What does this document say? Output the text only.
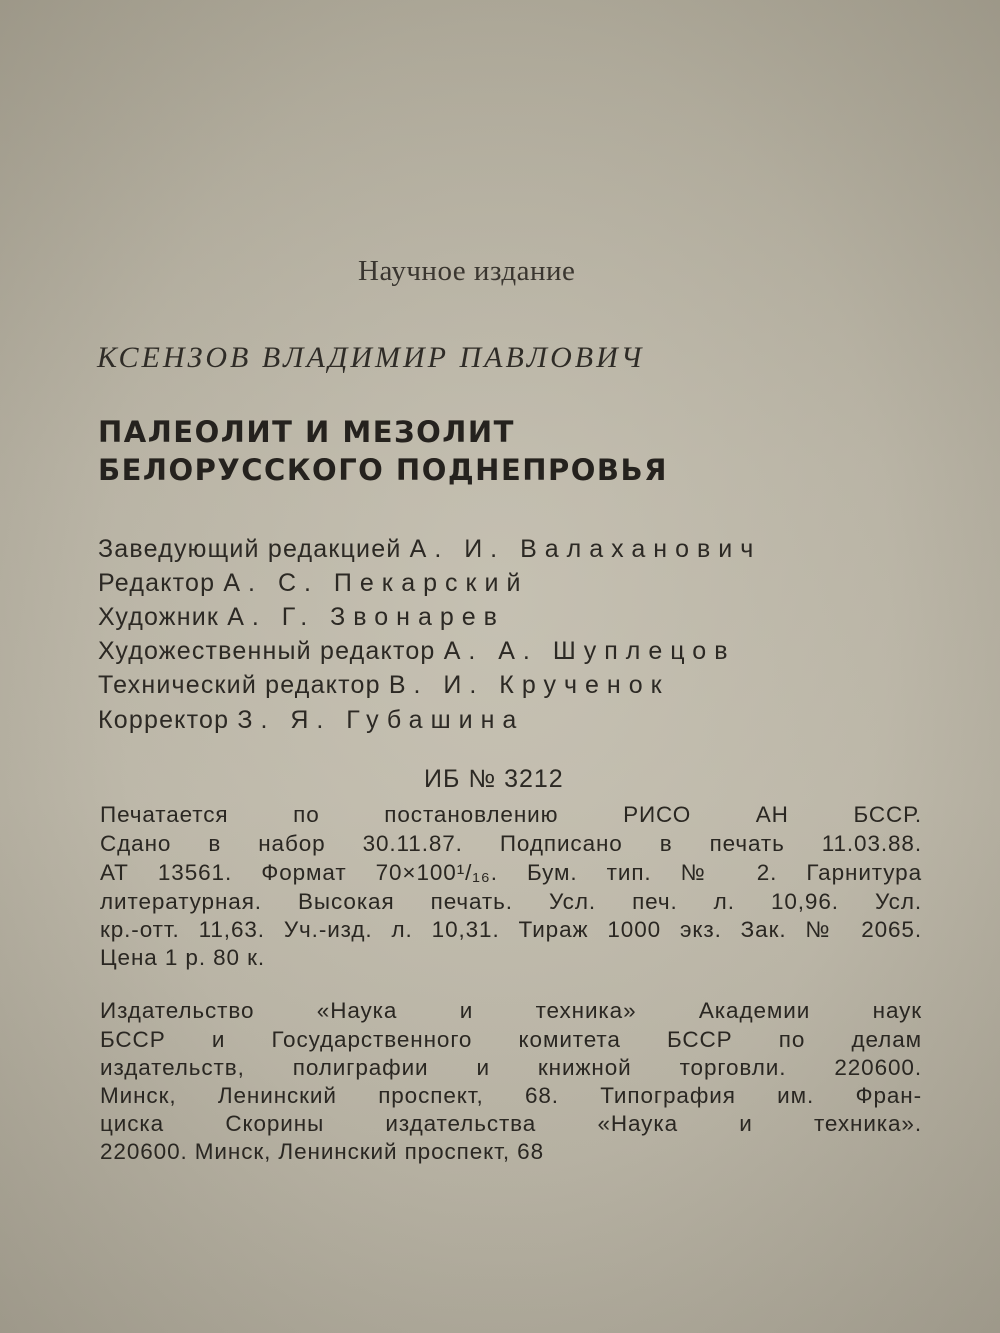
Научное издание
КСЕНЗОВ ВЛАДИМИР ПАВЛОВИЧ
ПАЛЕОЛИТ И МЕЗОЛИТ
БЕЛОРУССКОГО ПОДНЕПРОВЬЯ
Заведующий редакцией А. И. Валаханович
Редактор А. С. Пекарский
Художник А. Г. Звонарев
Художественный редактор А. А. Шуплецов
Технический редактор В. И. Крученок
Корректор З. Я. Губашина
ИБ № 3212
Печатается по постановлению РИСО АН БССР.
Сдано в набор 30.11.87. Подписано в печать 11.03.88.
АТ 13561. Формат 70×100¹/₁₆. Бум. тип. № 2. Гарнитура
литературная. Высокая печать. Усл. печ. л. 10,96. Усл.
кр.-отт. 11,63. Уч.-изд. л. 10,31. Тираж 1000 экз. Зак. № 2065.
Цена 1 р. 80 к.
Издательство «Наука и техника» Академии наук
БССР и Государственного комитета БССР по делам
издательств, полиграфии и книжной торговли. 220600.
Минск, Ленинский проспект, 68. Типография им. Фран-
циска Скорины издательства «Наука и техника».
220600. Минск, Ленинский проспект, 68
